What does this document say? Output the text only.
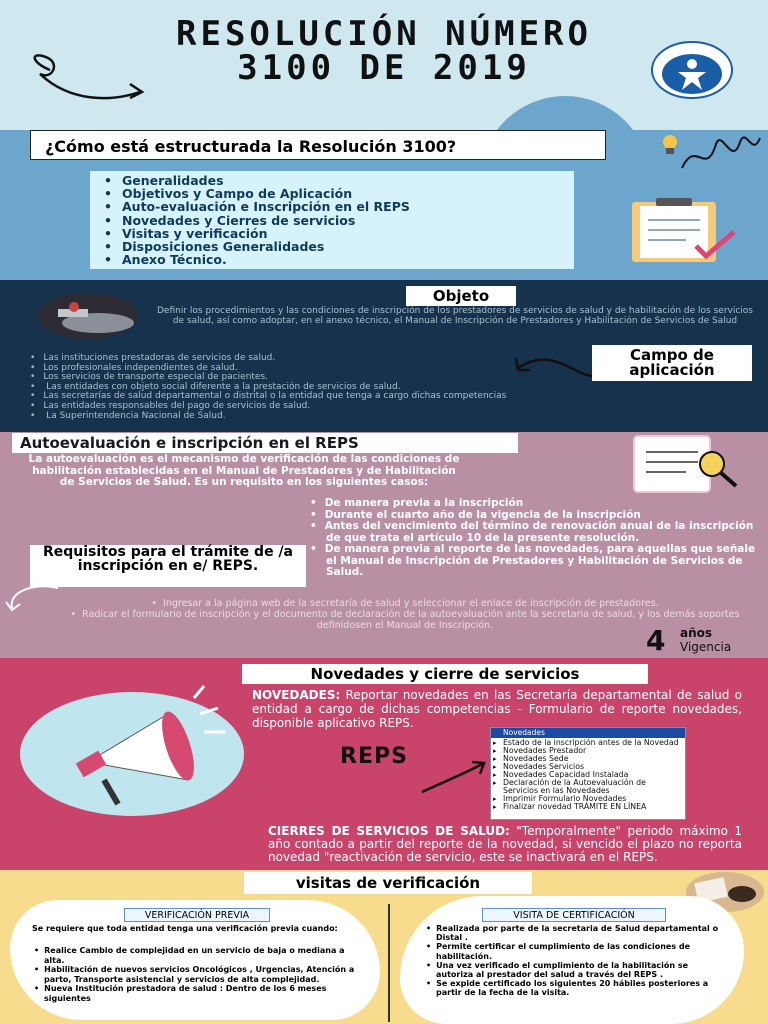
RESOLUCIÓN NÚMERO
3100 DE 2019
¿Cómo está estructurada la Resolución 3100?
• Generalidades
• Objetivos y Campo de Aplicación
• Auto-evaluación e Inscripción en el REPS
• Novedades y Cierres de servicios
• Visitas y verificación
• Disposiciones Generalidades
• Anexo Técnico.
Objeto
Definir los procedimientos y las condiciones de inscripción de los prestadores de servicios de salud y de habilitación de los servicios de salud, así como adoptar, en el anexo técnico, el Manual de Inscripción de Prestadores y Habilitación de Servicios de Salud
Campo de aplicación
• Las instituciones prestadoras de servicios de salud.
• Los profesionales independientes de salud.
• Los servicios de transporte especial de pacientes.
• Las entidades con objeto social diferente a la prestación de servicios de salud.
• Las secretarías de salud departamental o distrital o la entidad que tenga a cargo dichas competencias
• Las entidades responsables del pago de servicios de salud.
• La Superintendencia Nacional de Salud.
Autoevaluación e inscripción en el REPS
La autoevaluación es el mecanismo de verificación de las condiciones de habilitación establecidas en el Manual de Prestadores y de Habilitación de Servicios de Salud. Es un requisito en los siguientes casos:
• De manera previa a la inscripción
• Durante el cuarto año de la vigencia de la inscripción
• Antes del vencimiento del término de renovación anual de la inscripción de que trata el artículo 10 de la presente resolución.
• De manera previa al reporte de las novedades, para aquellas que señale el Manual de Inscripción de Prestadores y Habilitación de Servicios de Salud.
Requisitos para el trámite de /a inscripción en e/ REPS.
• Ingresar a la página web de la secretaría de salud y seleccionar el enlace de inscripción de prestadores.
• Radicar el formulario de inscripción y el documento de declaración de la autoevaluación ante la secretaria de salud, y los demás soportes definidosen el Manual de Inscripción.	4 años
Vigencia
Novedades y cierre de servicios
NOVEDADES: Reportar novedades en las Secretaría departamental de salud o entidad a cargo de dichas competencias - Formulario de reporte novedades, disponible aplicativo REPS.
REPS
Novedades
▸ Estado de la inscripción antes de la Novedad
▸ Novedades Prestador
▸ Novedades Sede
▸ Novedades Servicios
▸ Novedades Capacidad Instalada
▸ Declaración de la Autoevaluación de Servicios en las Novedades
▸ Imprimir Formulario Novedades
▸ Finalizar novedad TRÁMITE EN LÍNEA
CIERRES DE SERVICIOS DE SALUD: "Temporalmente" periodo máximo 1 año contado a partir del reporte de la novedad, si vencido el plazo no reporta novedad "reactivación de servicio, este se inactivará en el REPS.
visitas de verificación
VERIFICACIÓN PREVIA
Se requiere que toda entidad tenga una verificación previa cuando:
• Realice Cambio de complejidad en un servicio de baja o mediana a alta.
• Habilitación de nuevos servicios Oncológicos , Urgencias, Atención a parto, Transporte asistencial y servicios de alta complejidad.
• Nueva Institución prestadora de salud : Dentro de los 6 meses siguientes
VISITA DE CERTIFICACIÓN
• Realizada por parte de la secretaria de Salud departamental o Distal .
• Permite certificar el cumplimiento de las condiciones de habilitación.
• Una vez verificado el cumplimiento de la habilitación se autoriza al prestador del salud a través del REPS .
• Se expide certificado los siguientes 20 hábiles posteriores a partir de la fecha de la visita.
